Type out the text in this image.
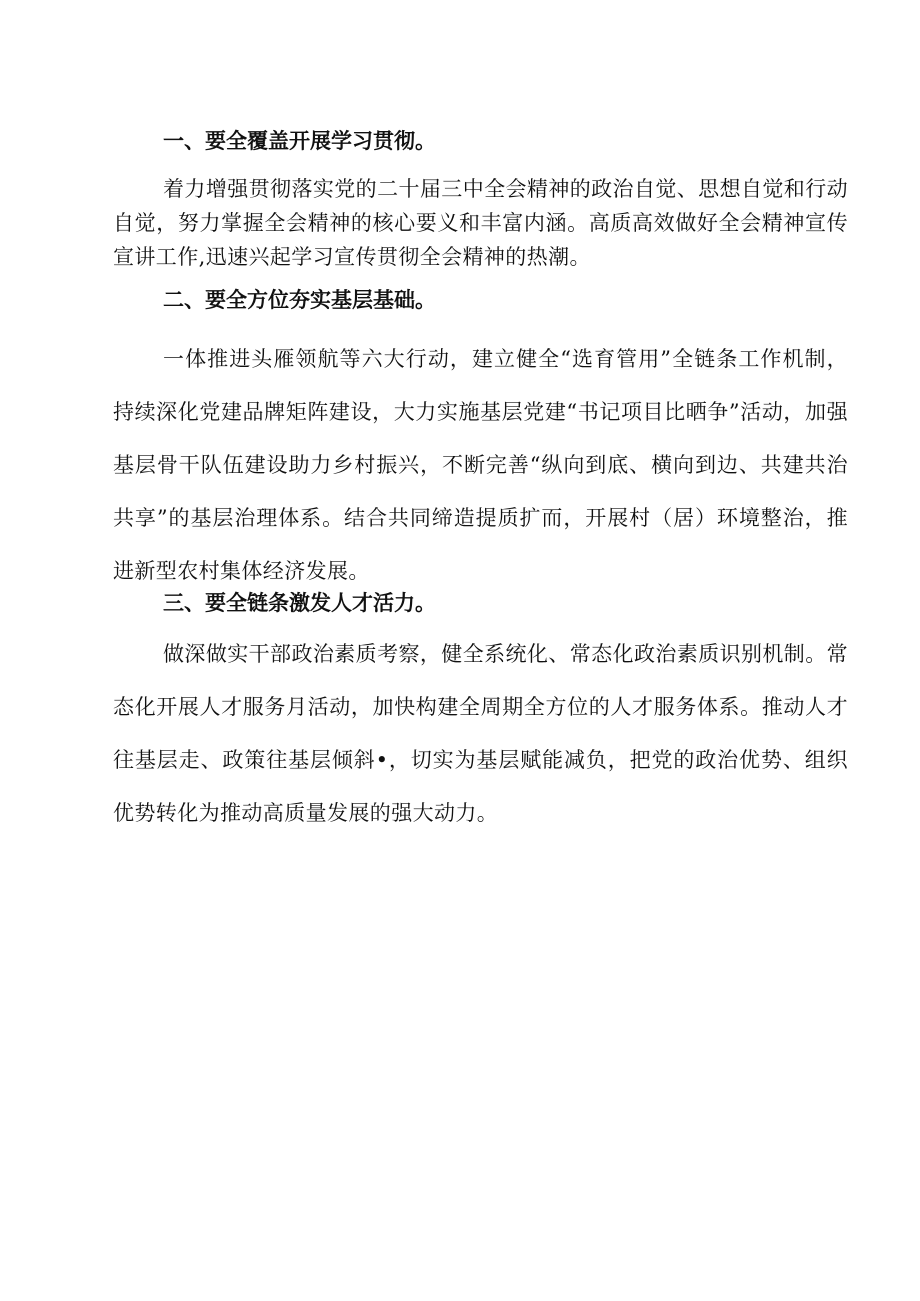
一、要全覆盖开展学习贯彻。

着力增强贯彻落实党的二十届三中全会精神的政治自觉、思想自觉和行动自觉，努力掌握全会精神的核心要义和丰富内涵。高质高效做好全会精神宣传宣讲工作,迅速兴起学习宣传贯彻全会精神的热潮。

二、要全方位夯实基层基础。

一体推进头雁领航等六大行动，建立健全“选育管用”全链条工作机制，持续深化党建品牌矩阵建设，大力实施基层党建“书记项目比晒争”活动，加强基层骨干队伍建设助力乡村振兴，不断完善“纵向到底、横向到边、共建共治共享”的基层治理体系。结合共同缔造提质扩而，开展村（居）环境整治，推进新型农村集体经济发展。

三、要全链条激发人才活力。

做深做实干部政治素质考察，健全系统化、常态化政治素质识别机制。常态化开展人才服务月活动，加快构建全周期全方位的人才服务体系。推动人才往基层走、政策往基层倾斜•，切实为基层赋能减负，把党的政治优势、组织优势转化为推动高质量发展的强大动力。
